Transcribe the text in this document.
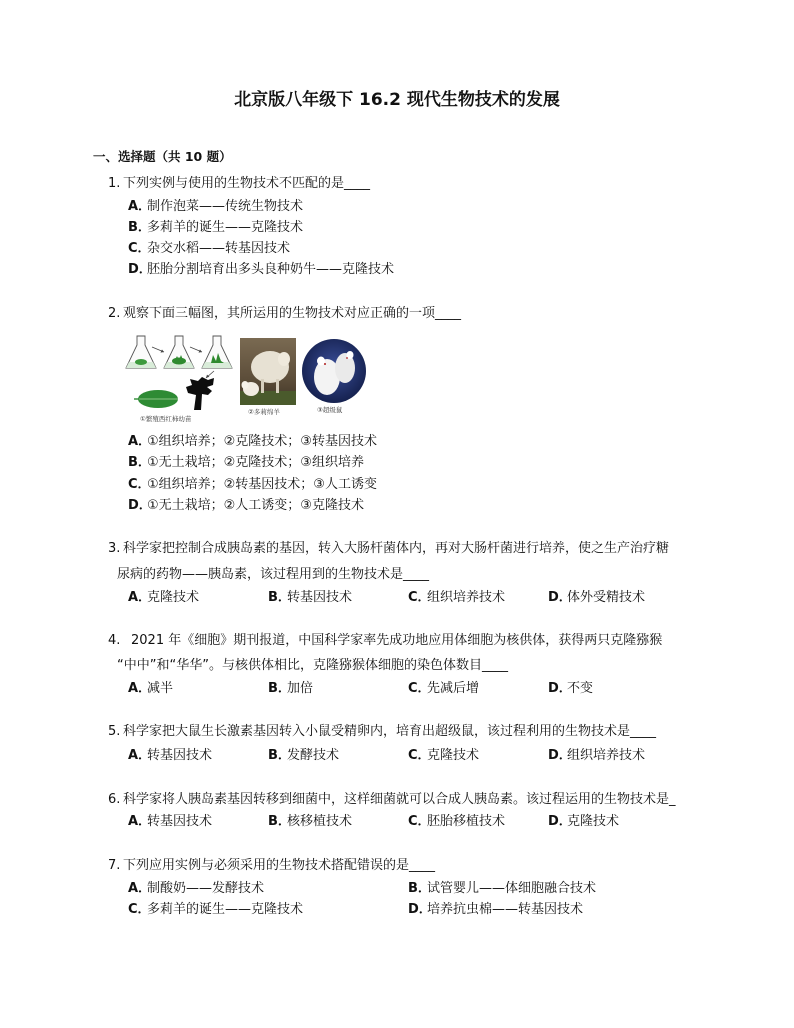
北京版八年级下 16.2 现代生物技术的发展
一、选择题（共 10 题）
1. 下列实例与使用的生物技术不匹配的是____
A．制作泡菜——传统生物技术
B．多莉羊的诞生——克隆技术
C．杂交水稻——转基因技术
D．胚胎分割培育出多头良种奶牛——克隆技术
2. 观察下面三幅图，其所运用的生物技术对应正确的一项____
①繁殖西红柿幼苗
②多莉绵羊	③超级鼠
A．①组织培养；②克隆技术；③转基因技术
B．①无土栽培；②克隆技术；③组织培养
C．①组织培养；②转基因技术；③人工诱变
D．①无土栽培；②人工诱变；③克隆技术
3. 科学家把控制合成胰岛素的基因，转入大肠杆菌体内，再对大肠杆菌进行培养，使之生产治疗糖
尿病的药物——胰岛素，该过程用到的生物技术是____
A．克隆技术	B．转基因技术	C．组织培养技术	D．体外受精技术
4. 2021 年《细胞》期刊报道，中国科学家率先成功地应用体细胞为核供体，获得两只克隆猕猴
“中中”和“华华”。与核供体相比，克隆猕猴体细胞的染色体数目____
A．减半	B．加倍	C．先减后增	D．不变
5. 科学家把大鼠生长激素基因转入小鼠受精卵内，培育出超级鼠，该过程利用的生物技术是____
A．转基因技术	B．发酵技术	C．克隆技术	D．组织培养技术
6. 科学家将人胰岛素基因转移到细菌中，这样细菌就可以合成人胰岛素。该过程运用的生物技术是_
A．转基因技术	B．核移植技术	C．胚胎移植技术	D．克隆技术
7. 下列应用实例与必须采用的生物技术搭配错误的是____
A．制酸奶——发酵技术	B．试管婴儿——体细胞融合技术
C．多莉羊的诞生——克隆技术	D．培养抗虫棉——转基因技术
